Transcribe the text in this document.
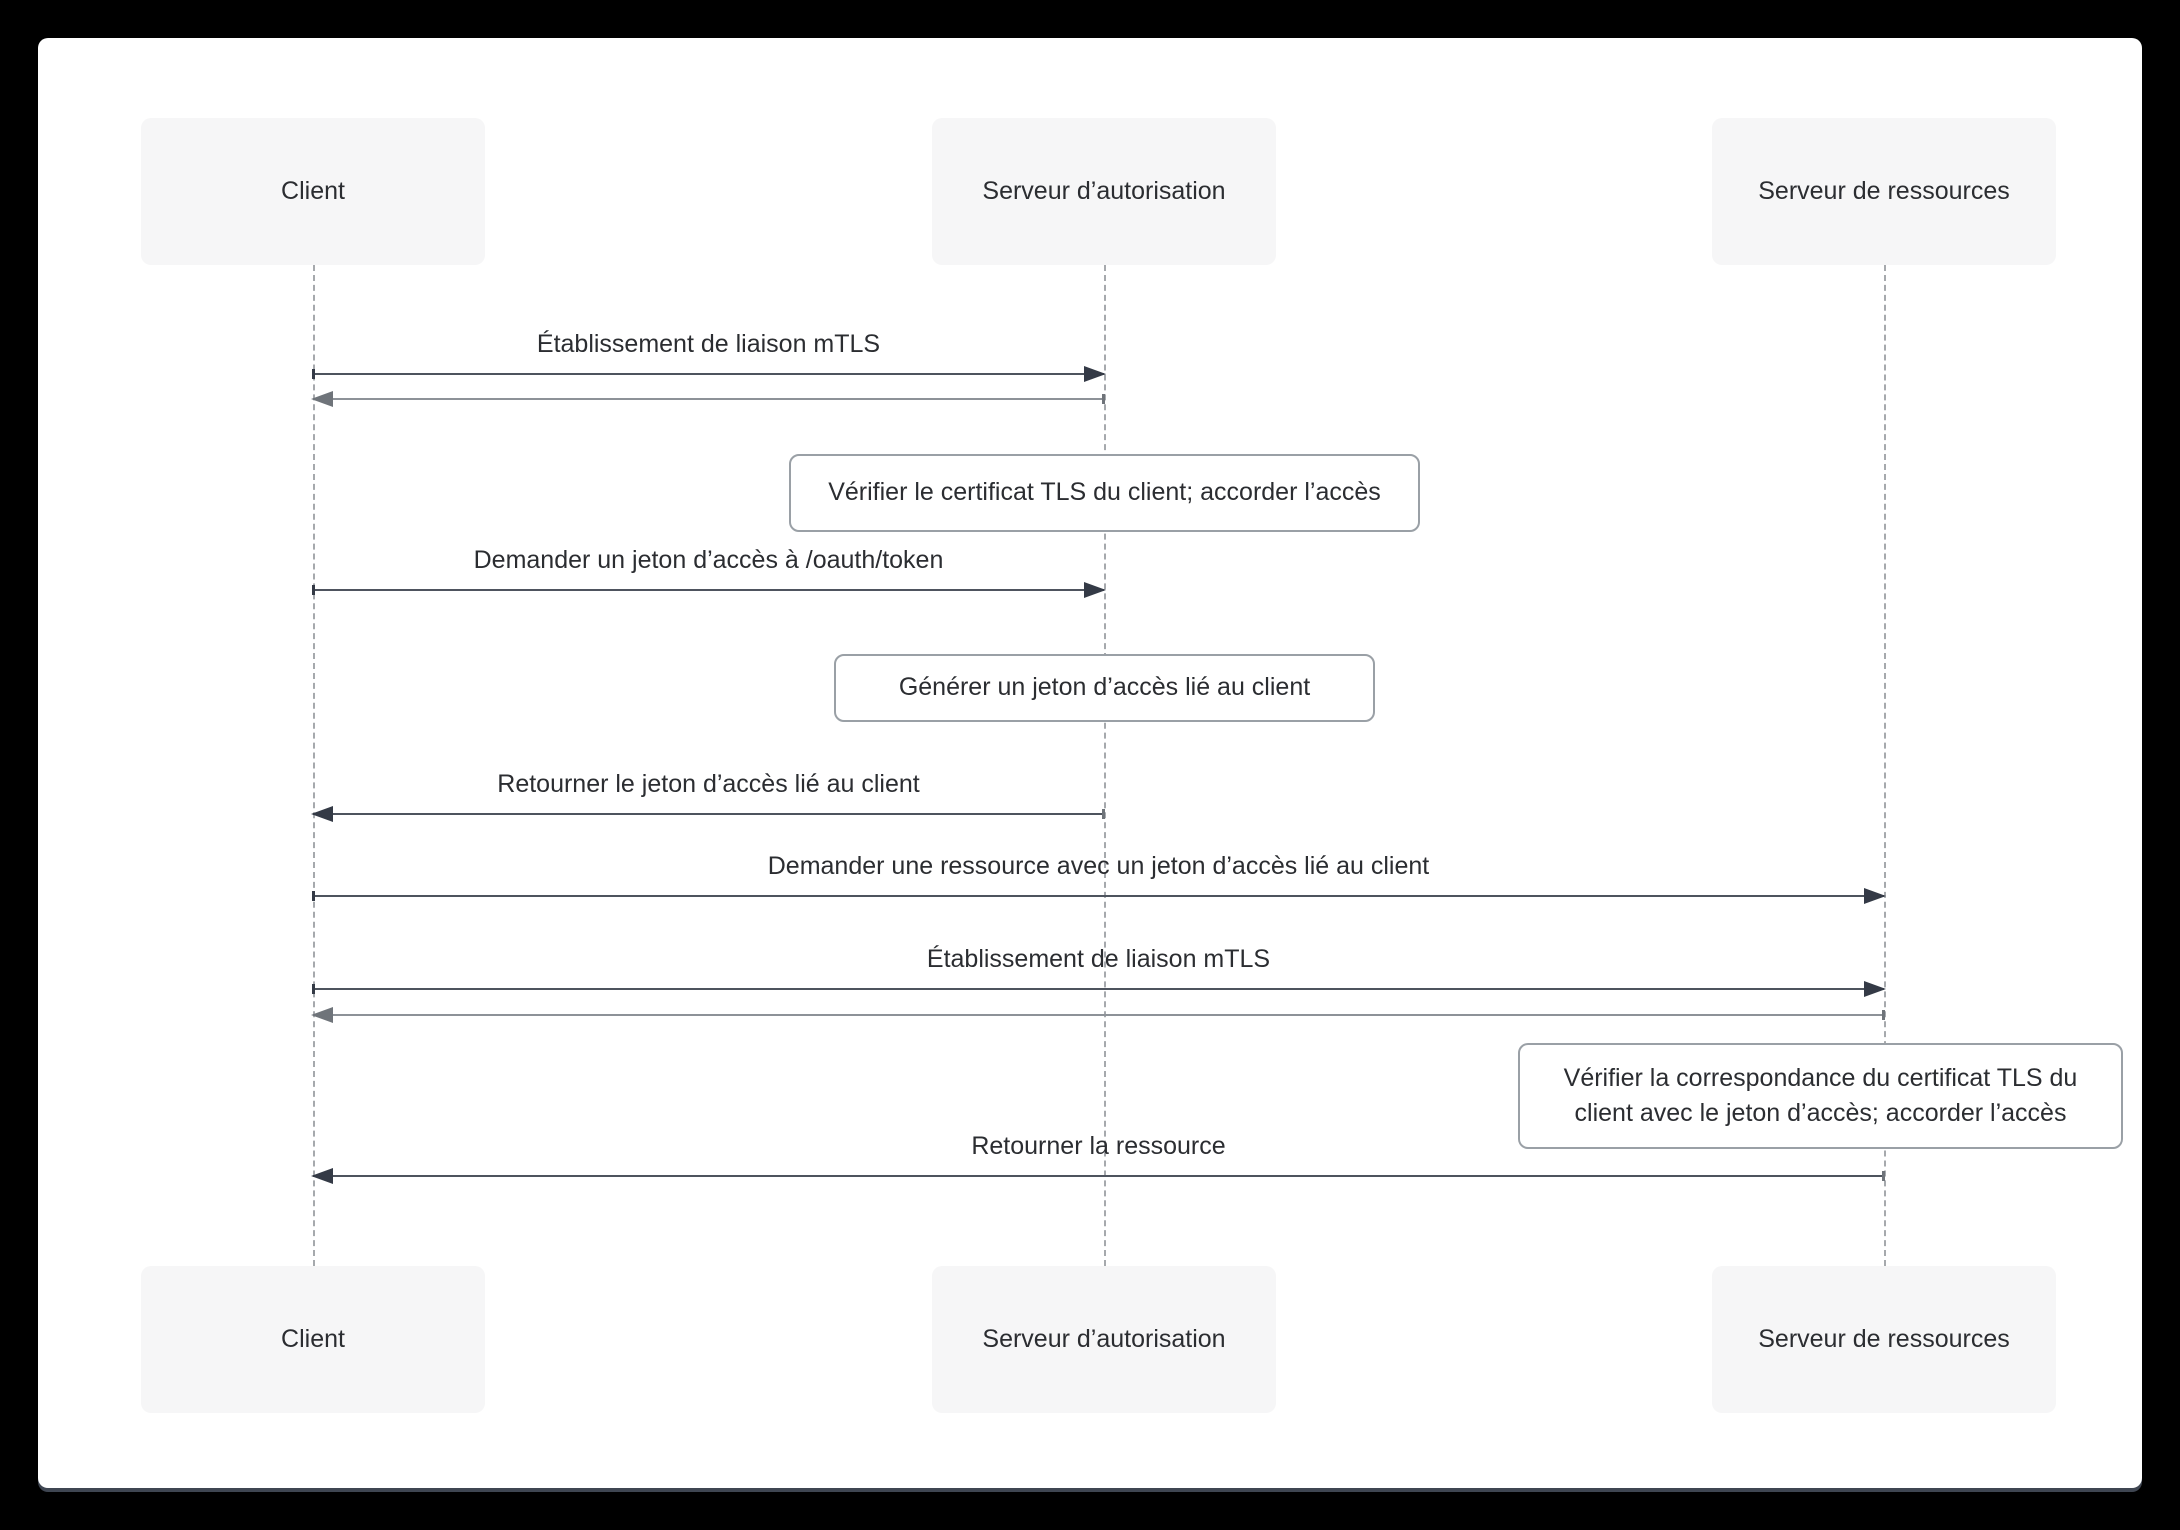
Client	Serveur d’autorisation	Serveur de ressources
Établissement de liaison mTLS
Vérifier le certificat TLS du client; accorder l’accès
Demander un jeton d’accès à /oauth/token
Générer un jeton d’accès lié au client
Retourner le jeton d’accès lié au client
Demander une ressource avec un jeton d’accès lié au client
Établissement de liaison mTLS
Vérifier la correspondance du certificat TLS du client avec le jeton d’accès; accorder l’accès
Retourner la ressource
Client	Serveur d’autorisation	Serveur de ressources
